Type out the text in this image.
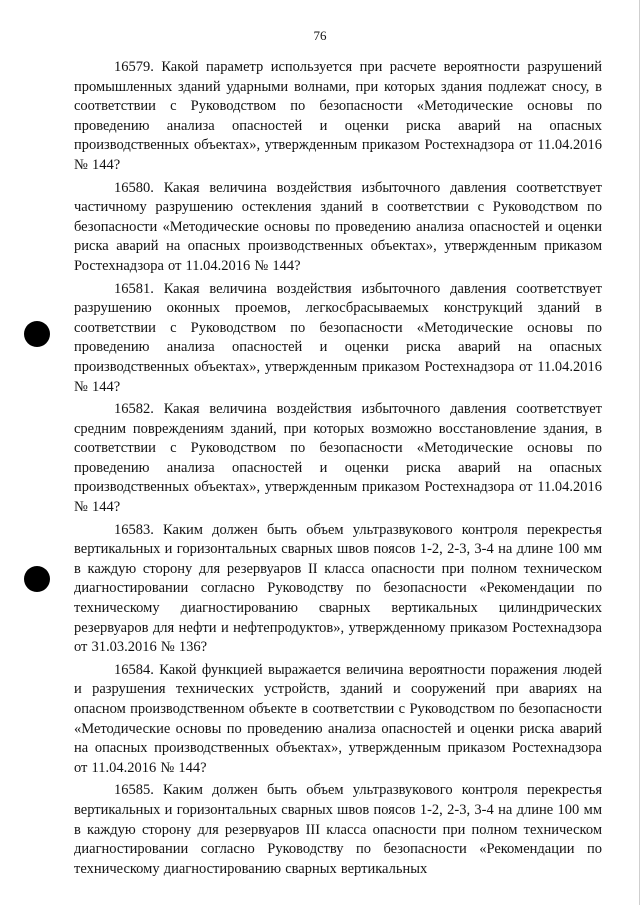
76

16579. Какой параметр используется при расчете вероятности разрушений промышленных зданий ударными волнами, при которых здания подлежат сносу, в соответствии с Руководством по безопасности «Методические основы по проведению анализа опасностей и оценки риска аварий на опасных производственных объектах», утвержденным приказом Ростехнадзора от 11.04.2016 № 144?

16580. Какая величина воздействия избыточного давления соответствует частичному разрушению остекления зданий в соответствии с Руководством по безопасности «Методические основы по проведению анализа опасностей и оценки риска аварий на опасных производственных объектах», утвержденным приказом Ростехнадзора от 11.04.2016 № 144?

16581. Какая величина воздействия избыточного давления соответствует разрушению оконных проемов, легкосбрасываемых конструкций зданий в соответствии с Руководством по безопасности «Методические основы по проведению анализа опасностей и оценки риска аварий на опасных производственных объектах», утвержденным приказом Ростехнадзора от 11.04.2016 № 144?

16582. Какая величина воздействия избыточного давления соответствует средним повреждениям зданий, при которых возможно восстановление здания, в соответствии с Руководством по безопасности «Методические основы по проведению анализа опасностей и оценки риска аварий на опасных производственных объектах», утвержденным приказом Ростехнадзора от 11.04.2016 № 144?

16583. Каким должен быть объем ультразвукового контроля перекрестья вертикальных и горизонтальных сварных швов поясов 1-2, 2-3, 3-4 на длине 100 мм в каждую сторону для резервуаров II класса опасности при полном техническом диагностировании согласно Руководству по безопасности «Рекомендации по техническому диагностированию сварных вертикальных цилиндрических резервуаров для нефти и нефтепродуктов», утвержденному приказом Ростехнадзора от 31.03.2016 № 136?

16584. Какой функцией выражается величина вероятности поражения людей и разрушения технических устройств, зданий и сооружений при авариях на опасном производственном объекте в соответствии с Руководством по безопасности «Методические основы по проведению анализа опасностей и оценки риска аварий на опасных производственных объектах», утвержденным приказом Ростехнадзора от 11.04.2016 № 144?

16585. Каким должен быть объем ультразвукового контроля перекрестья вертикальных и горизонтальных сварных швов поясов 1-2, 2-3, 3-4 на длине 100 мм в каждую сторону для резервуаров III класса опасности при полном техническом диагностировании согласно Руководству по безопасности «Рекомендации по техническому диагностированию сварных вертикальных
